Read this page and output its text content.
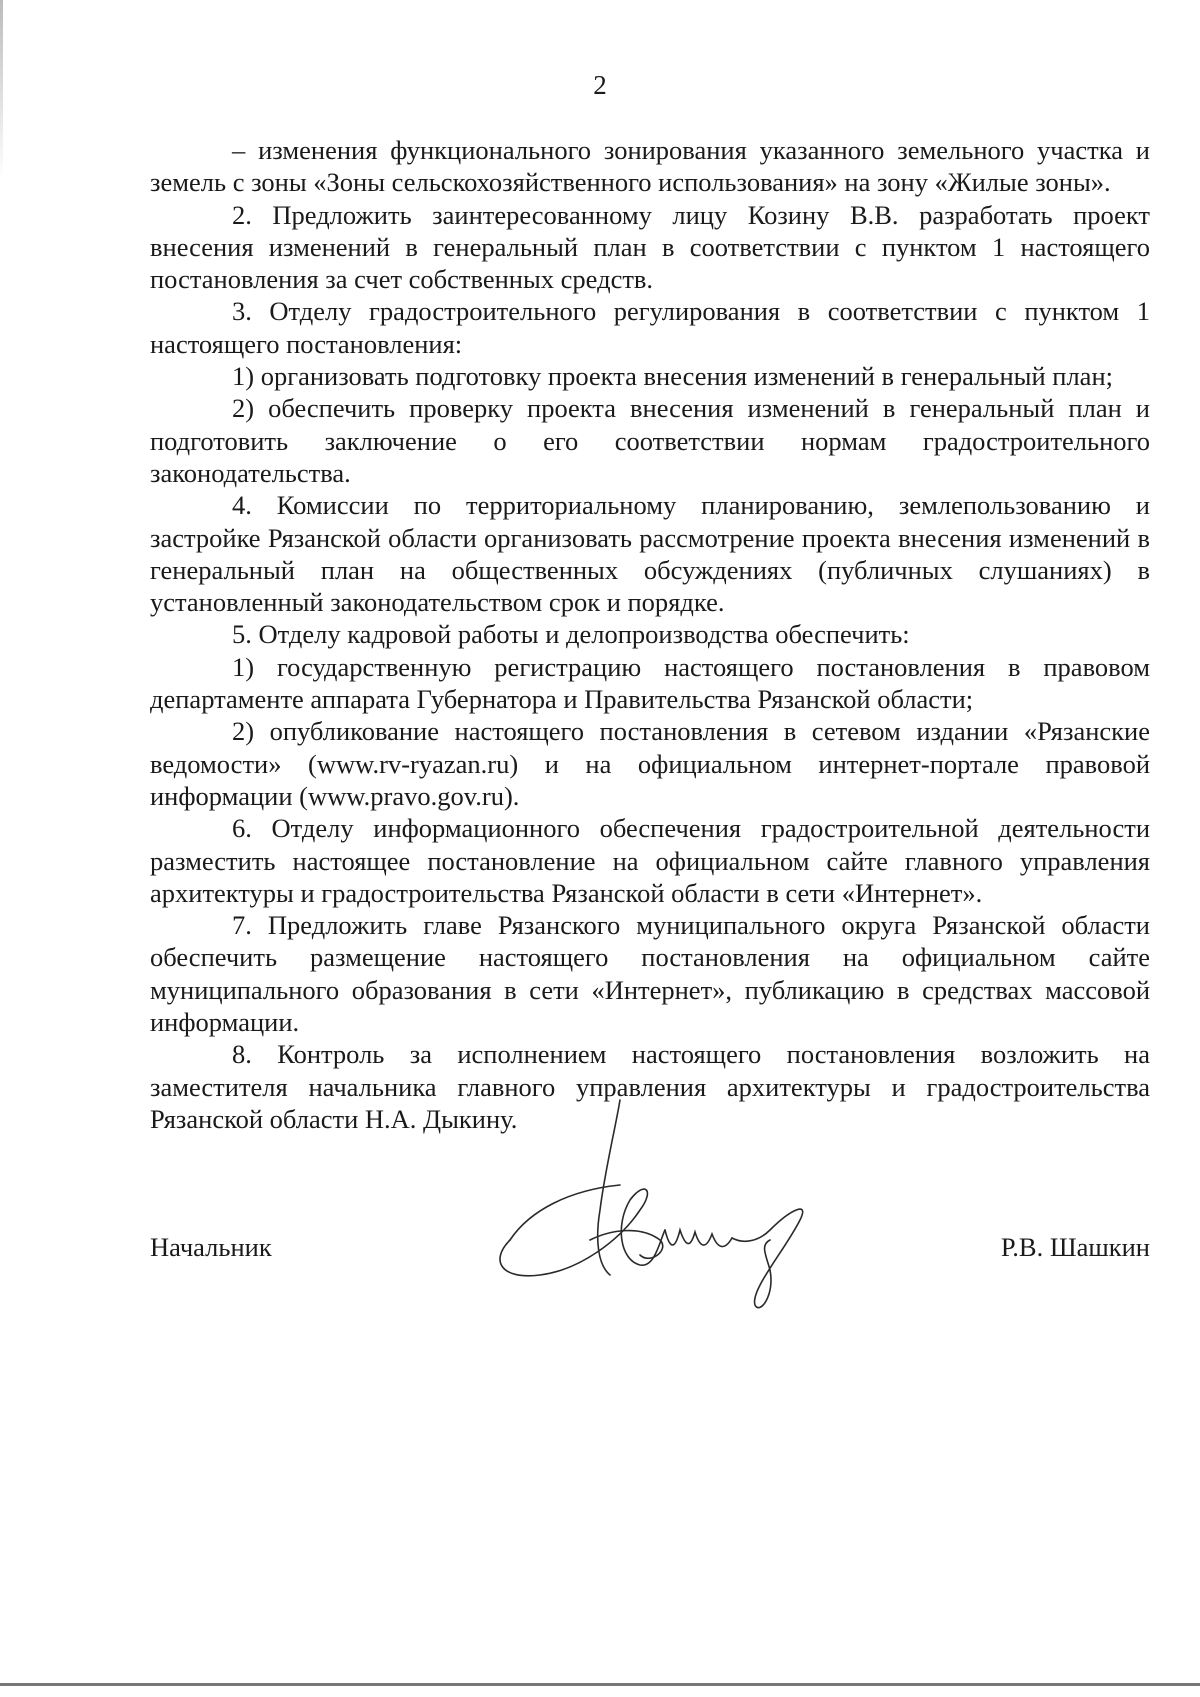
2

– изменения функционального зонирования указанного земельного участка и земель с зоны «Зоны сельскохозяйственного использования» на зону «Жилые зоны».

2. Предложить заинтересованному лицу Козину В.В. разработать проект внесения изменений в генеральный план в соответствии с пунктом 1 настоящего постановления за счет собственных средств.

3. Отделу градостроительного регулирования в соответствии с пунктом 1 настоящего постановления:

1) организовать подготовку проекта внесения изменений в генеральный план;

2) обеспечить проверку проекта внесения изменений в генеральный план и подготовить заключение о его соответствии нормам градостроительного законодательства.

4. Комиссии по территориальному планированию, землепользованию и застройке Рязанской области организовать рассмотрение проекта внесения изменений в генеральный план на общественных обсуждениях (публичных слушаниях) в установленный законодательством срок и порядке.

5. Отделу кадровой работы и делопроизводства обеспечить:

1) государственную регистрацию настоящего постановления в правовом департаменте аппарата Губернатора и Правительства Рязанской области;

2) опубликование настоящего постановления в сетевом издании «Рязанские ведомости» (www.rv-ryazan.ru) и на официальном интернет-портале правовой информации (www.pravo.gov.ru).

6. Отделу информационного обеспечения градостроительной деятельности разместить настоящее постановление на официальном сайте главного управления архитектуры и градостроительства Рязанской области в сети «Интернет».

7. Предложить главе Рязанского муниципального округа Рязанской области обеспечить размещение настоящего постановления на официальном сайте муниципального образования в сети «Интернет», публикацию в средствах массовой информации.

8. Контроль за исполнением настоящего постановления возложить на заместителя начальника главного управления архитектуры и градостроительства Рязанской области Н.А. Дыкину.

Начальник	Р.В. Шашкин
